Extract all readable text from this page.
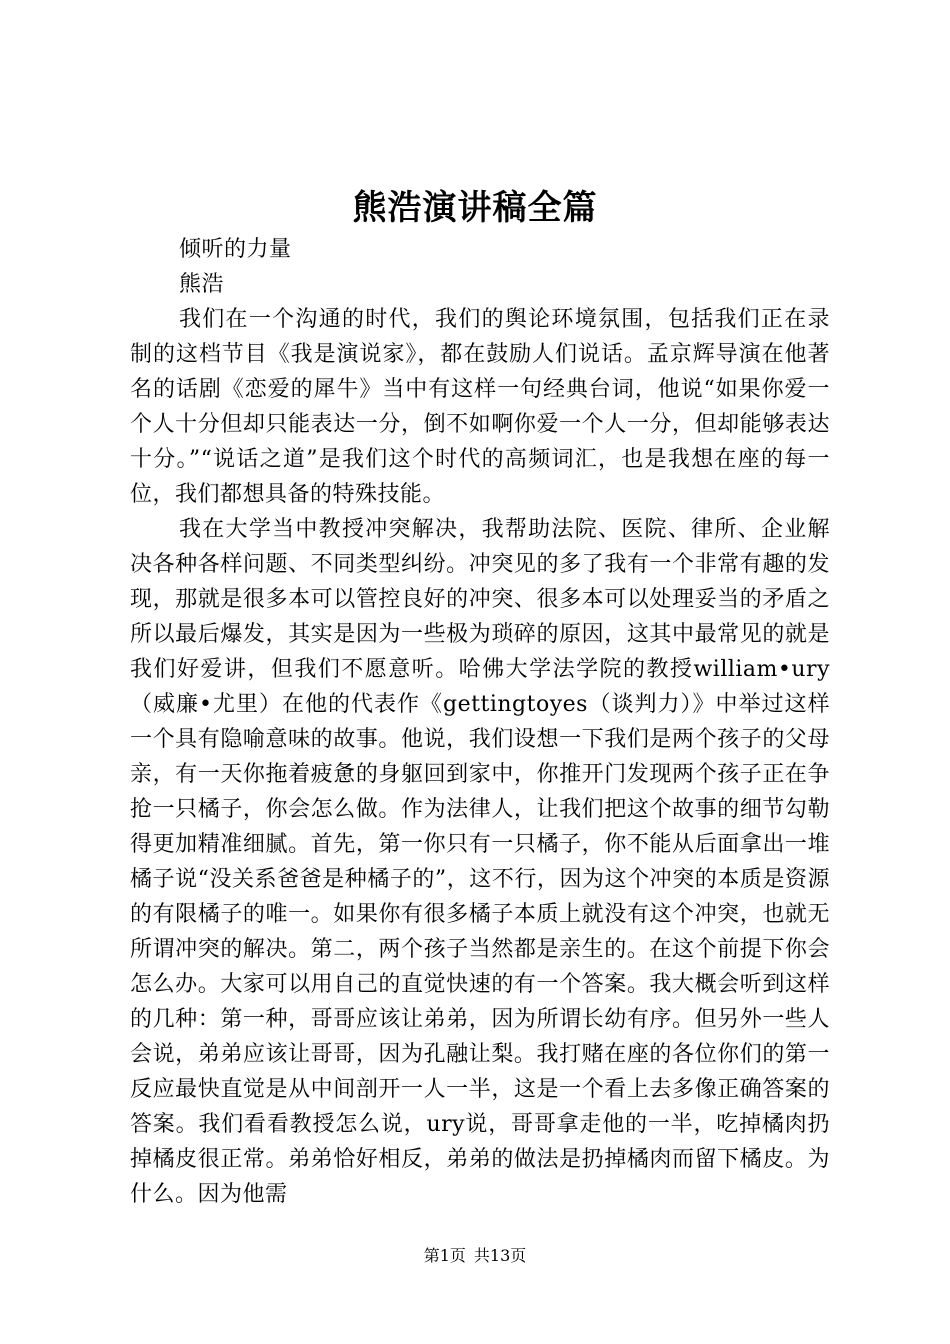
熊浩演讲稿全篇

倾听的力量

熊浩

我们在一个沟通的时代，我们的舆论环境氛围，包括我们正在录制的这档节目《我是演说家》，都在鼓励人们说话。孟京辉导演在他著名的话剧《恋爱的犀牛》当中有这样一句经典台词，他说“如果你爱一个人十分但却只能表达一分，倒不如啊你爱一个人一分，但却能够表达十分。”“说话之道”是我们这个时代的高频词汇，也是我想在座的每一位，我们都想具备的特殊技能。

我在大学当中教授冲突解决，我帮助法院、医院、律所、企业解决各种各样问题、不同类型纠纷。冲突见的多了我有一个非常有趣的发现，那就是很多本可以管控良好的冲突、很多本可以处理妥当的矛盾之所以最后爆发，其实是因为一些极为琐碎的原因，这其中最常见的就是我们好爱讲，但我们不愿意听。哈佛大学法学院的教授william•ury（威廉•尤里）在他的代表作《gettingtoyes（谈判力）》中举过这样一个具有隐喻意味的故事。他说，我们设想一下我们是两个孩子的父母亲，有一天你拖着疲惫的身躯回到家中，你推开门发现两个孩子正在争抢一只橘子，你会怎么做。作为法律人，让我们把这个故事的细节勾勒得更加精准细腻。首先，第一你只有一只橘子，你不能从后面拿出一堆橘子说“没关系爸爸是种橘子的”，这不行，因为这个冲突的本质是资源的有限橘子的唯一。如果你有很多橘子本质上就没有这个冲突，也就无所谓冲突的解决。第二，两个孩子当然都是亲生的。在这个前提下你会怎么办。大家可以用自己的直觉快速的有一个答案。我大概会听到这样的几种：第一种，哥哥应该让弟弟，因为所谓长幼有序。但另外一些人会说，弟弟应该让哥哥，因为孔融让梨。我打赌在座的各位你们的第一反应最快直觉是从中间剖开一人一半，这是一个看上去多像正确答案的答案。我们看看教授怎么说，ury说，哥哥拿走他的一半，吃掉橘肉扔掉橘皮很正常。弟弟恰好相反，弟弟的做法是扔掉橘肉而留下橘皮。为什么。因为他需

第1页 共13页
